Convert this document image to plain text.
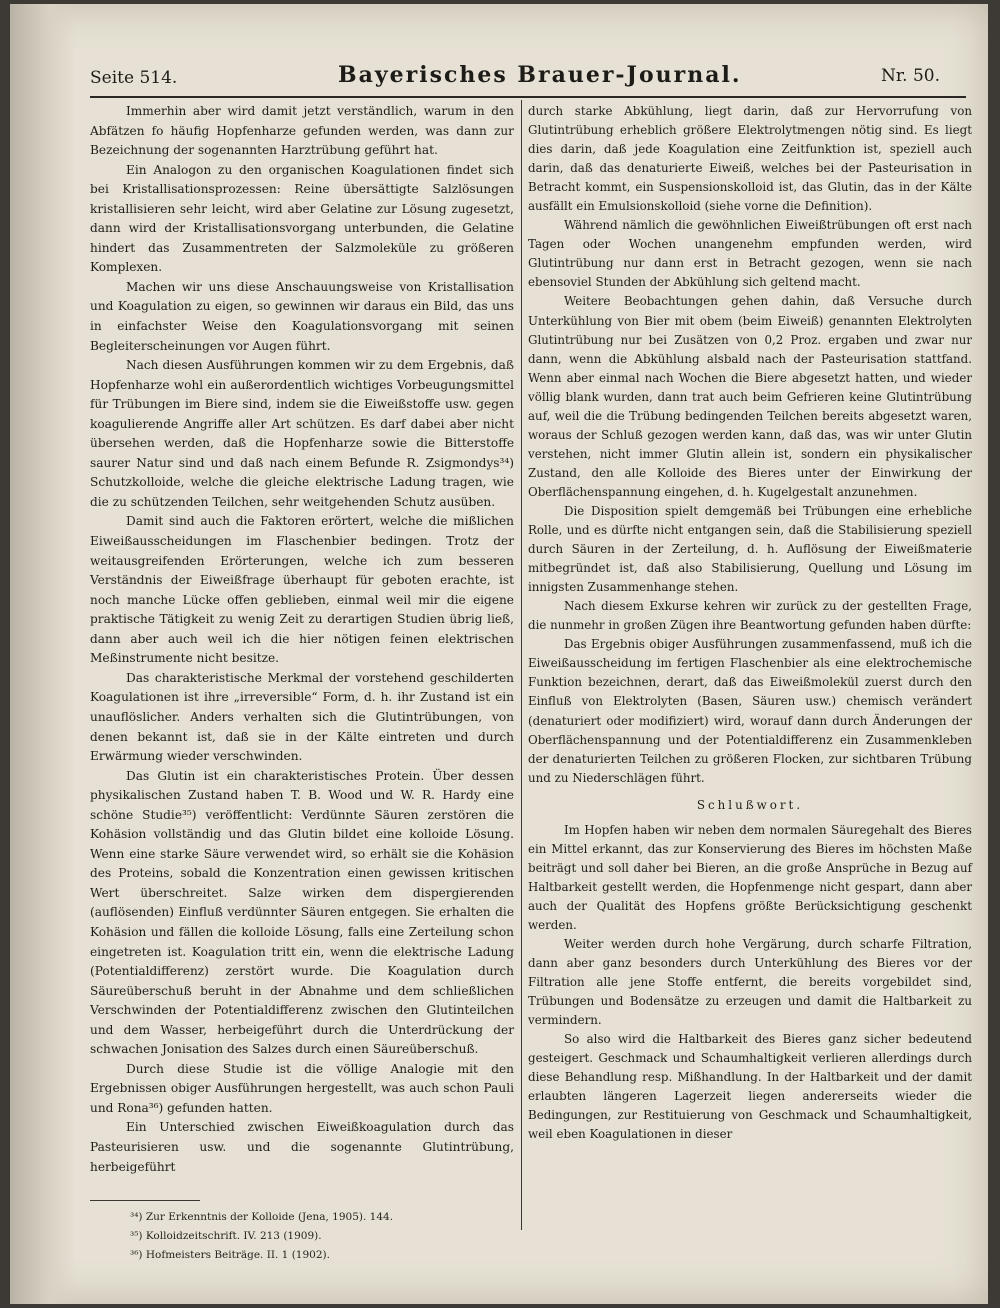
Seite 514.	Bayerisches Brauer-Journal.	Nr. 50.

Immerhin aber wird damit jetzt verständlich, warum in den Abfätzen fo häufig Hopfenharze gefunden werden, was dann zur Bezeichnung der sogenannten Harztrübung geführt hat.

Ein Analogon zu den organischen Koagulationen findet sich bei Kristallisationsprozessen: Reine übersättigte Salzlösungen kristallisieren sehr leicht, wird aber Gelatine zur Lösung zugesetzt, dann wird der Kristallisationsvorgang unterbunden, die Gelatine hindert das Zusammentreten der Salzmoleküle zu größeren Komplexen.

Machen wir uns diese Anschauungsweise von Kristallisation und Koagulation zu eigen, so gewinnen wir daraus ein Bild, das uns in einfachster Weise den Koagulationsvorgang mit seinen Begleiterscheinungen vor Augen führt.

Nach diesen Ausführungen kommen wir zu dem Ergebnis, daß Hopfenharze wohl ein außerordentlich wichtiges Vorbeugungsmittel für Trübungen im Biere sind, indem sie die Eiweißstoffe usw. gegen koagulierende Angriffe aller Art schützen. Es darf dabei aber nicht übersehen werden, daß die Hopfenharze sowie die Bitterstoffe saurer Natur sind und daß nach einem Befunde R. Zsigmondys³⁴) Schutzkolloide, welche die gleiche elektrische Ladung tragen, wie die zu schützenden Teilchen, sehr weitgehenden Schutz ausüben.

Damit sind auch die Faktoren erörtert, welche die mißlichen Eiweißausscheidungen im Flaschenbier bedingen. Trotz der weitausgreifenden Erörterungen, welche ich zum besseren Verständnis der Eiweißfrage überhaupt für geboten erachte, ist noch manche Lücke offen geblieben, einmal weil mir die eigene praktische Tätigkeit zu wenig Zeit zu derartigen Studien übrig ließ, dann aber auch weil ich die hier nötigen feinen elektrischen Meßinstrumente nicht besitze.

Das charakteristische Merkmal der vorstehend geschilderten Koagulationen ist ihre „irreversible“ Form, d. h. ihr Zustand ist ein unauflöslicher. Anders verhalten sich die Glutintrübungen, von denen bekannt ist, daß sie in der Kälte eintreten und durch Erwärmung wieder verschwinden.

Das Glutin ist ein charakteristisches Protein. Über dessen physikalischen Zustand haben T. B. Wood und W. R. Hardy eine schöne Studie³⁵) veröffentlicht: Verdünnte Säuren zerstören die Kohäsion vollständig und das Glutin bildet eine kolloide Lösung. Wenn eine starke Säure verwendet wird, so erhält sie die Kohäsion des Proteins, sobald die Konzentration einen gewissen kritischen Wert überschreitet. Salze wirken dem dispergierenden (auflösenden) Einfluß verdünnter Säuren entgegen. Sie erhalten die Kohäsion und fällen die kolloide Lösung, falls eine Zerteilung schon eingetreten ist. Koagulation tritt ein, wenn die elektrische Ladung (Potentialdifferenz) zerstört wurde. Die Koagulation durch Säureüberschuß beruht in der Abnahme und dem schließlichen Verschwinden der Potentialdifferenz zwischen den Glutinteilchen und dem Wasser, herbeigeführt durch die Unterdrückung der schwachen Jonisation des Salzes durch einen Säureüberschuß.

Durch diese Studie ist die völlige Analogie mit den Ergebnissen obiger Ausführungen hergestellt, was auch schon Pauli und Rona³⁶) gefunden hatten.

Ein Unterschied zwischen Eiweißkoagulation durch das Pasteurisieren usw. und die sogenannte Glutintrübung, herbeigeführt

durch starke Abkühlung, liegt darin, daß zur Hervorrufung von Glutintrübung erheblich größere Elektrolytmengen nötig sind. Es liegt dies darin, daß jede Koagulation eine Zeitfunktion ist, speziell auch darin, daß das denaturierte Eiweiß, welches bei der Pasteurisation in Betracht kommt, ein Suspensionskolloid ist, das Glutin, das in der Kälte ausfällt ein Emulsionskolloid (siehe vorne die Definition).

Während nämlich die gewöhnlichen Eiweißtrübungen oft erst nach Tagen oder Wochen unangenehm empfunden werden, wird Glutintrübung nur dann erst in Betracht gezogen, wenn sie nach ebensoviel Stunden der Abkühlung sich geltend macht.

Weitere Beobachtungen gehen dahin, daß Versuche durch Unterkühlung von Bier mit obem (beim Eiweiß) genannten Elektrolyten Glutintrübung nur bei Zusätzen von 0,2 Proz. ergaben und zwar nur dann, wenn die Abkühlung alsbald nach der Pasteurisation stattfand. Wenn aber einmal nach Wochen die Biere abgesetzt hatten, und wieder völlig blank wurden, dann trat auch beim Gefrieren keine Glutintrübung auf, weil die die Trübung bedingenden Teilchen bereits abgesetzt waren, woraus der Schluß gezogen werden kann, daß das, was wir unter Glutin verstehen, nicht immer Glutin allein ist, sondern ein physikalischer Zustand, den alle Kolloide des Bieres unter der Einwirkung der Oberflächenspannung eingehen, d. h. Kugelgestalt anzunehmen.

Die Disposition spielt demgemäß bei Trübungen eine erhebliche Rolle, und es dürfte nicht entgangen sein, daß die Stabilisierung speziell durch Säuren in der Zerteilung, d. h. Auflösung der Eiweißmaterie mitbegründet ist, daß also Stabilisierung, Quellung und Lösung im innigsten Zusammenhange stehen.

Nach diesem Exkurse kehren wir zurück zu der gestellten Frage, die nunmehr in großen Zügen ihre Beantwortung gefunden haben dürfte:

Das Ergebnis obiger Ausführungen zusammenfassend, muß ich die Eiweißausscheidung im fertigen Flaschenbier als eine elektrochemische Funktion bezeichnen, derart, daß das Eiweißmolekül zuerst durch den Einfluß von Elektrolyten (Basen, Säuren usw.) chemisch verändert (denaturiert oder modifiziert) wird, worauf dann durch Änderungen der Oberflächenspannung und der Potentialdifferenz ein Zusammenkleben der denaturierten Teilchen zu größeren Flocken, zur sichtbaren Trübung und zu Niederschlägen führt.

Schlußwort.

Im Hopfen haben wir neben dem normalen Säuregehalt des Bieres ein Mittel erkannt, das zur Konservierung des Bieres im höchsten Maße beiträgt und soll daher bei Bieren, an die große Ansprüche in Bezug auf Haltbarkeit gestellt werden, die Hopfenmenge nicht gespart, dann aber auch der Qualität des Hopfens größte Berücksichtigung geschenkt werden.

Weiter werden durch hohe Vergärung, durch scharfe Filtration, dann aber ganz besonders durch Unterkühlung des Bieres vor der Filtration alle jene Stoffe entfernt, die bereits vorgebildet sind, Trübungen und Bodensätze zu erzeugen und damit die Haltbarkeit zu vermindern.

So also wird die Haltbarkeit des Bieres ganz sicher bedeutend gesteigert. Geschmack und Schaumhaltigkeit verlieren allerdings durch diese Behandlung resp. Mißhandlung. In der Haltbarkeit und der damit erlaubten längeren Lagerzeit liegen andererseits wieder die Bedingungen, zur Restituierung von Geschmack und Schaumhaltigkeit, weil eben Koagulationen in dieser

³⁴) Zur Erkenntnis der Kolloide (Jena, 1905). 144.
³⁵) Kolloidzeitschrift. IV. 213 (1909).
³⁶) Hofmeisters Beiträge. II. 1 (1902).
